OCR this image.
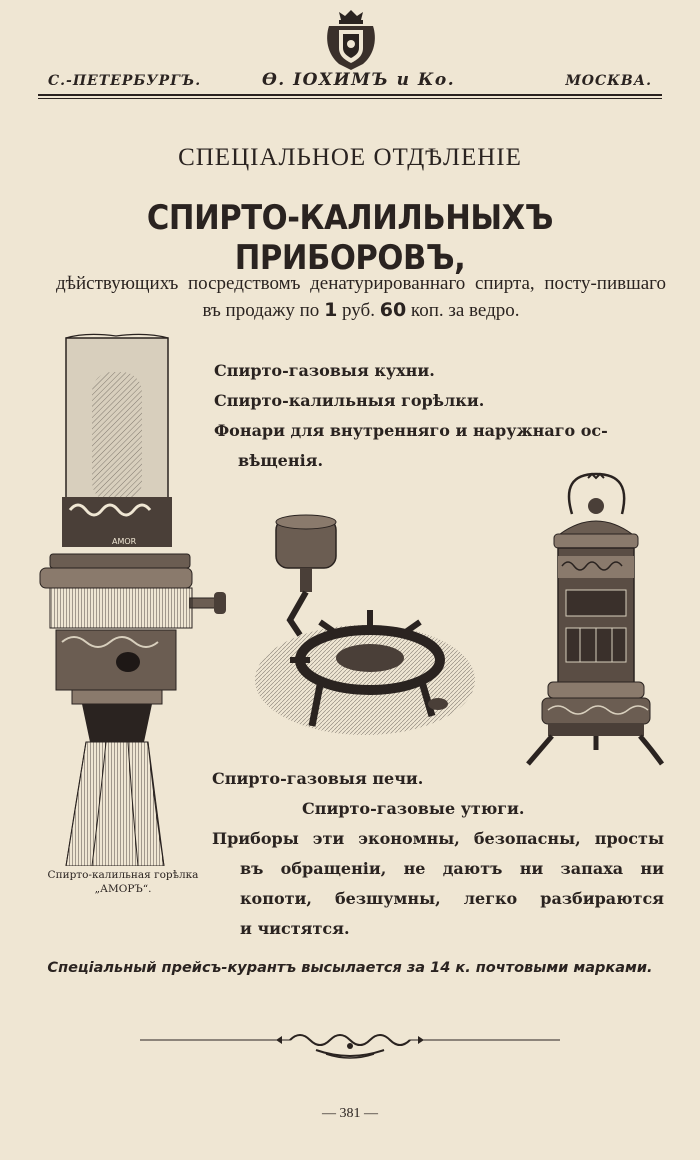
С.-ПЕТЕРБУРГЪ.	Ѳ. ІОХИМЪ и Ко.	МОСКВА.
СПЕЦІАЛЬНОЕ ОТДѢЛЕНІЕ
СПИРТО-КАЛИЛЬНЫХЪ ПРИБОРОВЪ,
дѣйствующихъ посредствомъ денатурированнаго спирта, посту-пившаго въ продажу по 1 руб. 60 коп. за ведро.
Спирто-газовыя кухни.
Спирто-калильныя горѣлки.
Фонари для внутренняго и наружнаго ос-
вѣщенія.
AMOR
Спирто-калильная горѣлка
„АМОРЪ“.
Спирто-газовыя печи.
Спирто-газовые утюги.
Приборы эти экономны, безопасны, просты
въ обращеніи, не даютъ ни запаха ни
копоти, безшумны, легко разбираются
и чистятся.
Спеціальный прейсъ-курантъ высылается за 14 к. почтовыми марками.
— 381 —
